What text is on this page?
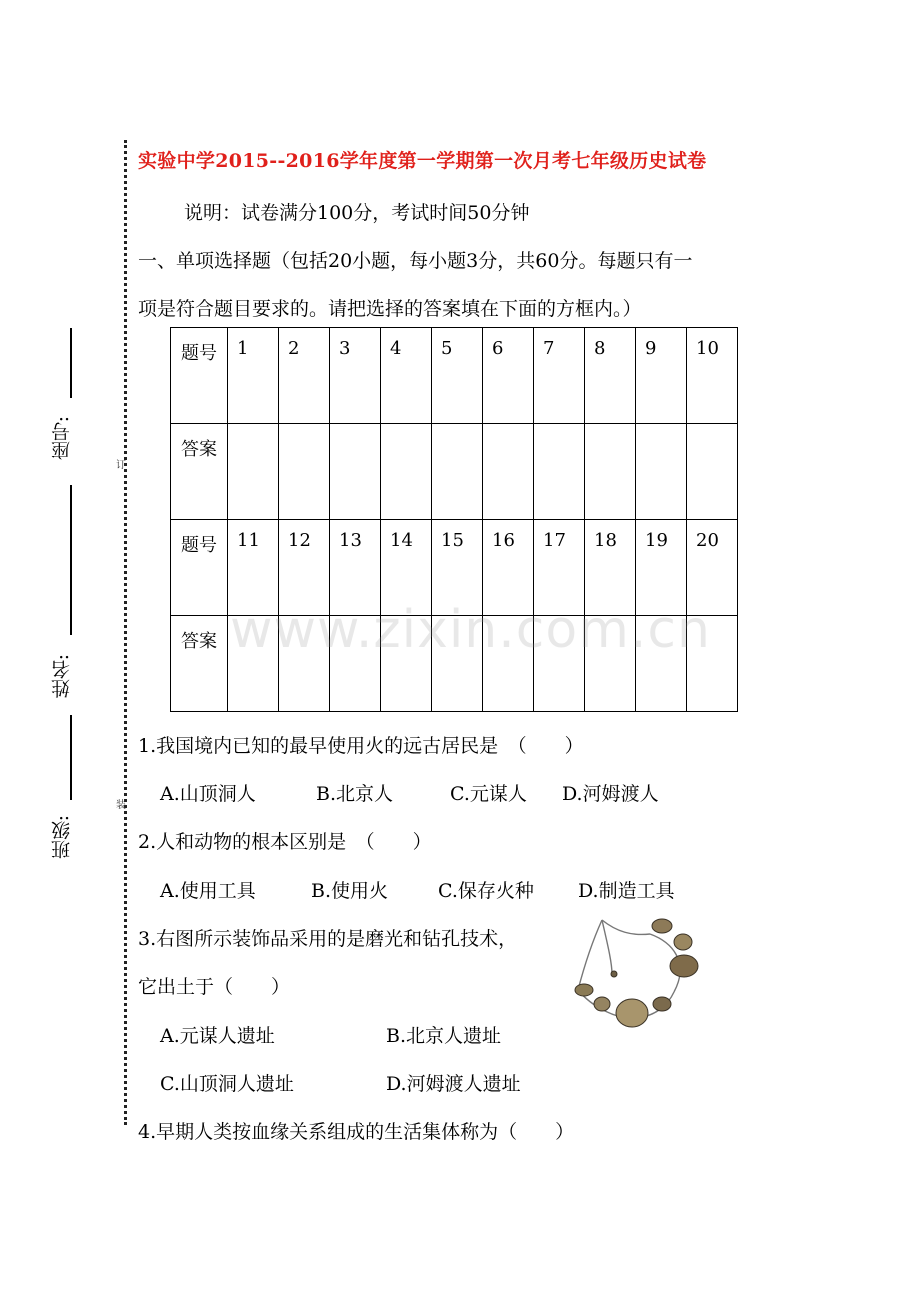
订
装
座号:
姓名:
班级:
实验中学2015--2016学年度第一学期第一次月考七年级历史试卷
说明：试卷满分100分，考试时间50分钟
一、单项选择题（包括20小题，每小题3分，共60分。每题只有一
项是符合题目要求的。请把选择的答案填在下面的方框内。）
题号	1	2	3	4	5	6	7	8	9	10
答案										
题号	11	12	13	14	15	16	17	18	19	20
答案										www.zixin.com.cn
1.我国境内已知的最早使用火的远古居民是　（　　）
A.山顶洞人	B.北京人	C.元谋人 D.河姆渡人
2.人和动物的根本区别是　（　　）
A.使用工具	B.使用火	C.保存火种 D.制造工具
3.右图所示装饰品采用的是磨光和钻孔技术，
它出土于（　　）
A.元谋人遗址	B.北京人遗址
C.山顶洞人遗址	D.河姆渡人遗址
4.早期人类按血缘关系组成的生活集体称为（　　）
